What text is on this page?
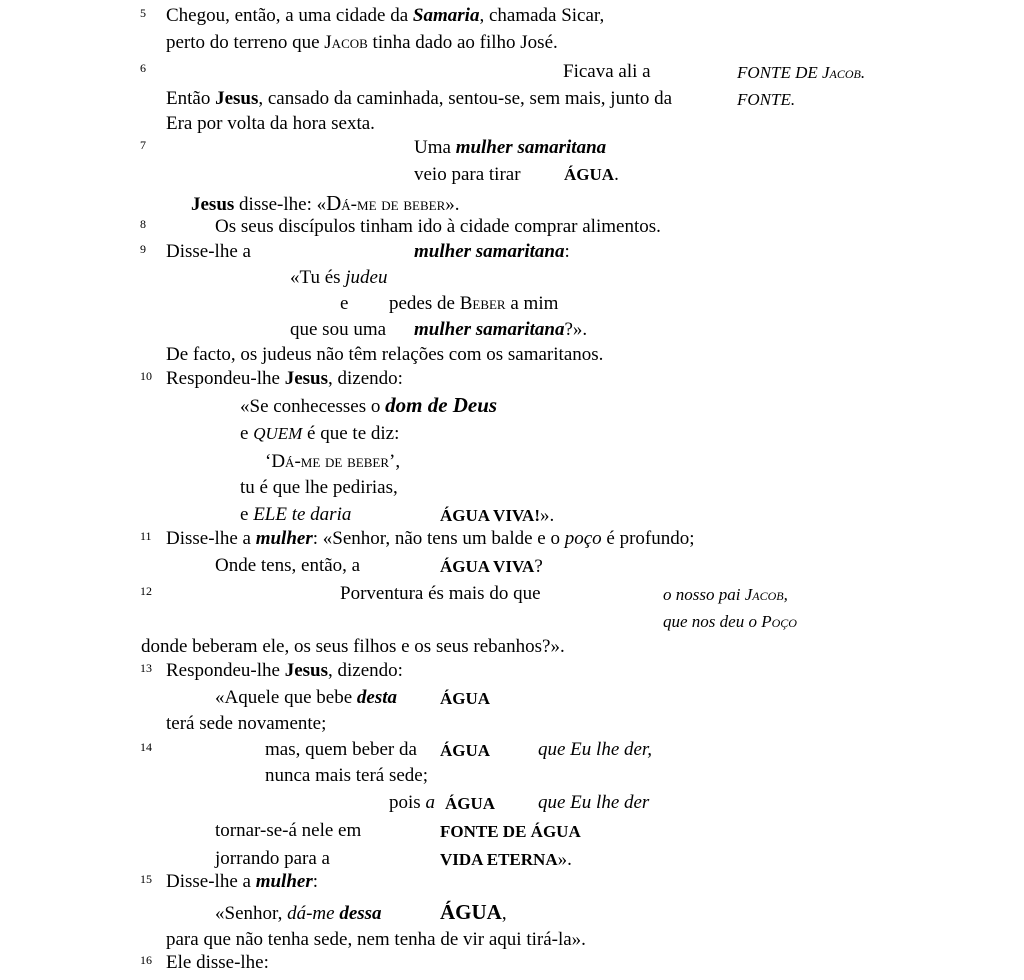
5 Chegou, então, a uma cidade da Samaria, chamada Sicar,
perto do terreno que Jacob tinha dado ao filho José.
6	Ficava ali a	FONTE DE Jacob.
Então Jesus, cansado da caminhada, sentou-se, sem mais, junto da	FONTE.
Era por volta da hora sexta.
7	Uma mulher samaritana
veio para tirar	ÁGUA.
Jesus disse-lhe: «Dá-me de beber».
8	Os seus discípulos tinham ido à cidade comprar alimentos.
9 Disse-lhe a	mulher samaritana:
«Tu és judeu
e pedes de Beber a mim
que sou uma mulher samaritana?».
De facto, os judeus não têm relações com os samaritanos.
10 Respondeu-lhe Jesus, dizendo:
«Se conhecesses o dom de Deus
e QUEM é que te diz:
‘Dá-me de beber’,
tu é que lhe pedirias,
e ELE te daria	ÁGUA VIVA!».
11 Disse-lhe a mulher: «Senhor, não tens um balde e o poço é profundo;
Onde tens, então, a	ÁGUA VIVA?
12	Porventura és mais do que	o nosso pai Jacob,
que nos deu o Poço
donde beberam ele, os seus filhos e os seus rebanhos?».
13 Respondeu-lhe Jesus, dizendo:
«Aquele que bebe desta	ÁGUA
terá sede novamente;
14	mas, quem beber da ÁGUA	que Eu lhe der,
nunca mais terá sede;
pois a ÁGUA que Eu lhe der
tornar-se-á nele em	FONTE DE ÁGUA
jorrando para a	VIDA ETERNA».
15 Disse-lhe a mulher:
«Senhor, dá-me dessa	ÁGUA,
para que não tenha sede, nem tenha de vir aqui tirá-la».
16 Ele disse-lhe:
